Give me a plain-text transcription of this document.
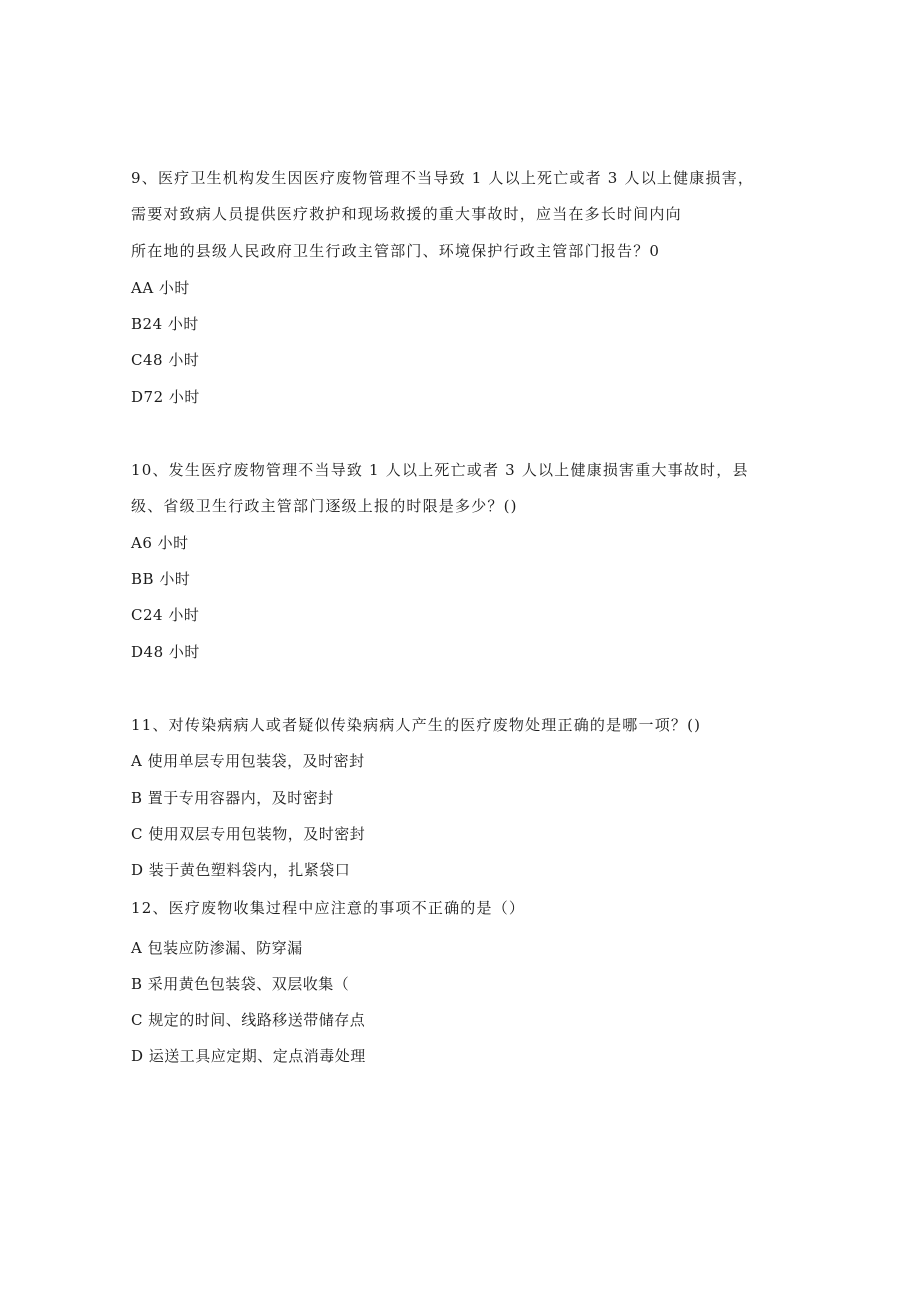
9、医疗卫生机构发生因医疗废物管理不当导致 1 人以上死亡或者 3 人以上健康损害，
需要对致病人员提供医疗救护和现场救援的重大事故时，应当在多长时间内向
所在地的县级人民政府卫生行政主管部门、环境保护行政主管部门报告？0
AA 小时
B24 小时
C48 小时
D72 小时
10、发生医疗废物管理不当导致 1 人以上死亡或者 3 人以上健康损害重大事故时，县
级、省级卫生行政主管部门逐级上报的时限是多少？()
A6 小时
BB 小时
C24 小时
D48 小时
11、对传染病病人或者疑似传染病病人产生的医疗废物处理正确的是哪一项？()
A 使用单层专用包装袋，及时密封
B 置于专用容器内，及时密封
C 使用双层专用包装物，及时密封
D 装于黄色塑料袋内，扎紧袋口
12、医疗废物收集过程中应注意的事项不正确的是（）
A 包装应防渗漏、防穿漏
B 采用黄色包装袋、双层收集（
C 规定的时间、线路移送带储存点
D 运送工具应定期、定点消毒处理
